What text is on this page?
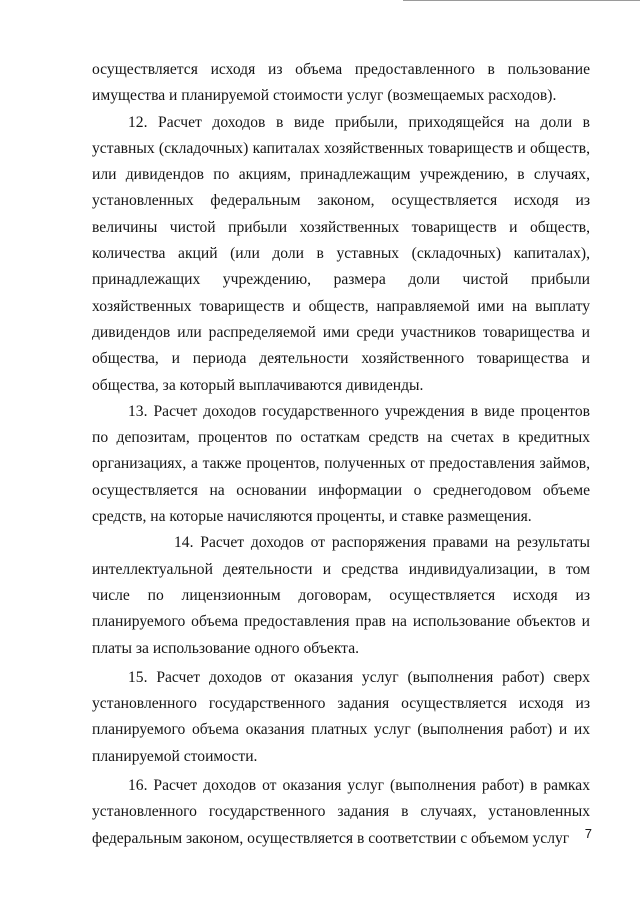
осуществляется исходя из объема предоставленного в пользование имущества и планируемой стоимости услуг (возмещаемых расходов).

12. Расчет доходов в виде прибыли, приходящейся на доли в уставных (складочных) капиталах хозяйственных товариществ и обществ, или дивидендов по акциям, принадлежащим учреждению, в случаях, установленных федеральным законом, осуществляется исходя из величины чистой прибыли хозяйственных товариществ и обществ, количества акций (или доли в уставных (складочных) капиталах), принадлежащих учреждению, размера доли чистой прибыли хозяйственных товариществ и обществ, направляемой ими на выплату дивидендов или распределяемой ими среди участников товарищества и общества, и периода деятельности хозяйственного товарищества и общества, за который выплачиваются дивиденды.

13. Расчет доходов государственного учреждения в виде процентов по депозитам, процентов по остаткам средств на счетах в кредитных организациях, а также процентов, полученных от предоставления займов, осуществляется на основании информации о среднегодовом объеме средств, на которые начисляются проценты, и ставке размещения.

14. Расчет доходов от распоряжения правами на результаты интеллектуальной деятельности и средства индивидуализации, в том числе по лицензионным договорам, осуществляется исходя из планируемого объема предоставления прав на использование объектов и платы за использование одного объекта.

15. Расчет доходов от оказания услуг (выполнения работ) сверх установленного государственного задания осуществляется исходя из планируемого объема оказания платных услуг (выполнения работ) и их планируемой стоимости.

16. Расчет доходов от оказания услуг (выполнения работ) в рамках установленного государственного задания в случаях, установленных федеральным законом, осуществляется в соответствии с объемом услуг	7
